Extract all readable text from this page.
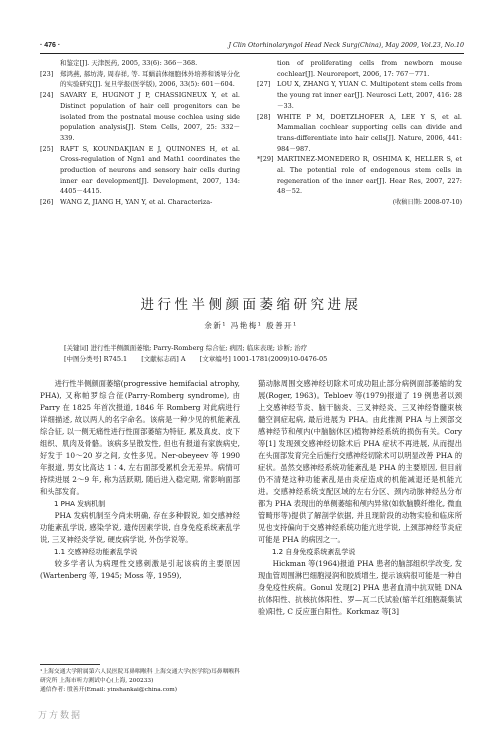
· 476 ·	J Clin Otorhinolaryngol Head Neck Surg(China), May 2009, Vol.23, No.10
和鉴定[J]. 天津医药, 2005, 33(6): 366－368.
[23] 郑鸿燕, 郝坊涛, 周春祥, 等. 耳蜗前体细胞体外培养和诱导分化的实验研究[J]. 复旦学报(医学版), 2006, 33(5): 601－604.
[24] SAVARY E, HUGNOT J P, CHASSIGNEUX Y, et al. Distinct population of hair cell progenitors can be isolated from the postnatal mouse cochlea using side population analysis[J]. Stem Cells, 2007, 25: 332－339.
[25] RAFT S, KOUNDAKJIAN E J, QUINONES H, et al. Cross-regulation of Ngn1 and Math1 coordinates the production of neurons and sensory hair cells during inner ear development[J]. Development, 2007, 134: 4405－4415.
[26] WANG Z, JIANG H, YAN Y, et al. Characteriza-
tion of proliferating cells from newborn mouse cochlear[J]. Neuroreport, 2006, 17: 767－771.
[27] LOU X, ZHANG Y, YUAN C. Multipotent stem cells from the young rat inner ear[J]. Neurosci Lett, 2007, 416: 28－33.
[28] WHITE P M, DOETZLHOFER A, LEE Y S, et al. Mammalian cochlear supporting cells can divide and trans-differentiate into hair cells[J]. Nature, 2006, 441: 984－987.
*[29] MARTINEZ-MONEDERO R, OSHIMA K, HELLER S, et al. The potential role of endogenous stem cells in regeneration of the inner ear[J]. Hear Res, 2007, 227: 48－52.
(收稿日期: 2008-07-10)
进行性半侧颜面萎缩研究进展
余新¹ 冯艳梅¹ 殷善开¹
[关键词] 进行性半侧颜面萎缩; Parry-Romberg 综合征; 病因; 临床表现; 诊断; 治疗
[中图分类号] R745.1 [文献标志码] A [文章编号] 1001-1781(2009)10-0476-05

进行性半侧颜面萎缩(progressive hemifacial atrophy, PHA), 又称帕罗综合征(Parry-Romberg syndrome), 由 Parry 在 1825 年首次报道, 1846 年 Romberg 对此病进行详细描述, 故以两人的名字命名。该病是一种少见的机能紊乱综合征, 以一侧无痛性进行性面部萎缩为特征, 累及真皮、皮下组织、肌肉及骨骼。该病多呈散发性, 但也有报道有家族病史, 好发于 10～20 岁之间, 女性多见。Ner-obeyeev 等 1990 年报道, 男女比高达 1∶4, 左右面部受累机会无差异。病情可持续进展 2～9 年, 称为活跃期, 随后进入稳定期, 常影响面部和头部发育。

1 PHA 发病机制

PHA 发病机制至今尚未明确, 存在多种假说, 如交感神经功能紊乱学说, 感染学说, 遗传因素学说, 自身免疫系统紊乱学说, 三叉神经炎学说, 硬皮病学说, 外伤学说等。

1.1 交感神经功能紊乱学说

较多学者认为病理性交感刺激是引起该病的主要原因(Wartenberg 等, 1945; Moss 等, 1959),

猫动脉周围交感神经切除术可成功阻止部分病例面部萎缩的发展(Roger, 1963)。Tebloev 等(1979)报道了 19 例患者以颈上交感神经节炎、脑干脑炎、三叉神经炎、三叉神经脊髓束核髓空洞症起病, 最后进展为 PHA。由此推测 PHA 与上颈部交感神经节和颅内(中脑脑休区)植物神经系统的损伤有关。Cory 等[1] 发现颈交感神经切除术后 PHA 症状不再进展, 从而提出在头面部发育完全后施行交感神经切除术可以明显改善 PHA 的症状。虽然交感神经系统功能紊乱是 PHA 的主要原因, 但目前仍不清楚这种功能紊乱是由炎症造成的机能减退还是机能亢进。交感神经系统支配区域的左右分区、颈内动脉神经丛分布都为 PHA 表现出的单侧萎缩和颅内异常(如软脑膜纤维化, 微血管畸形等)提供了解剖学依据, 并且现阶段的动物实验和临床所见也支持偏向于交感神经系统功能亢进学说, 上颈部神经节炎症可能是 PHA 的病因之一。

1.2 自身免疫系统紊乱学说

Hickman 等(1964)报道 PHA 患者的脑部组织学改变, 发现血管周围淋巴细胞浸润和胶质增生, 提示该病很可能是一种自身免疫性疾病。Gonul 发现[2] PHA 患者血清中抗双链 DNA 抗体阳性、抗核抗体阳性、罗—瓦二氏试验(缩羊红细胞凝集试验)阳性, C 反应蛋白阳性。Korkmaz 等[3]

¹上海交通大学附属第六人民医院耳鼻咽喉科 上海交通大学(医学院)耳鼻咽喉科研究所 上海市听力测试中心(上海, 200233)

通信作者: 殷善开(Email: yinshankai@china.com)

万方数据
